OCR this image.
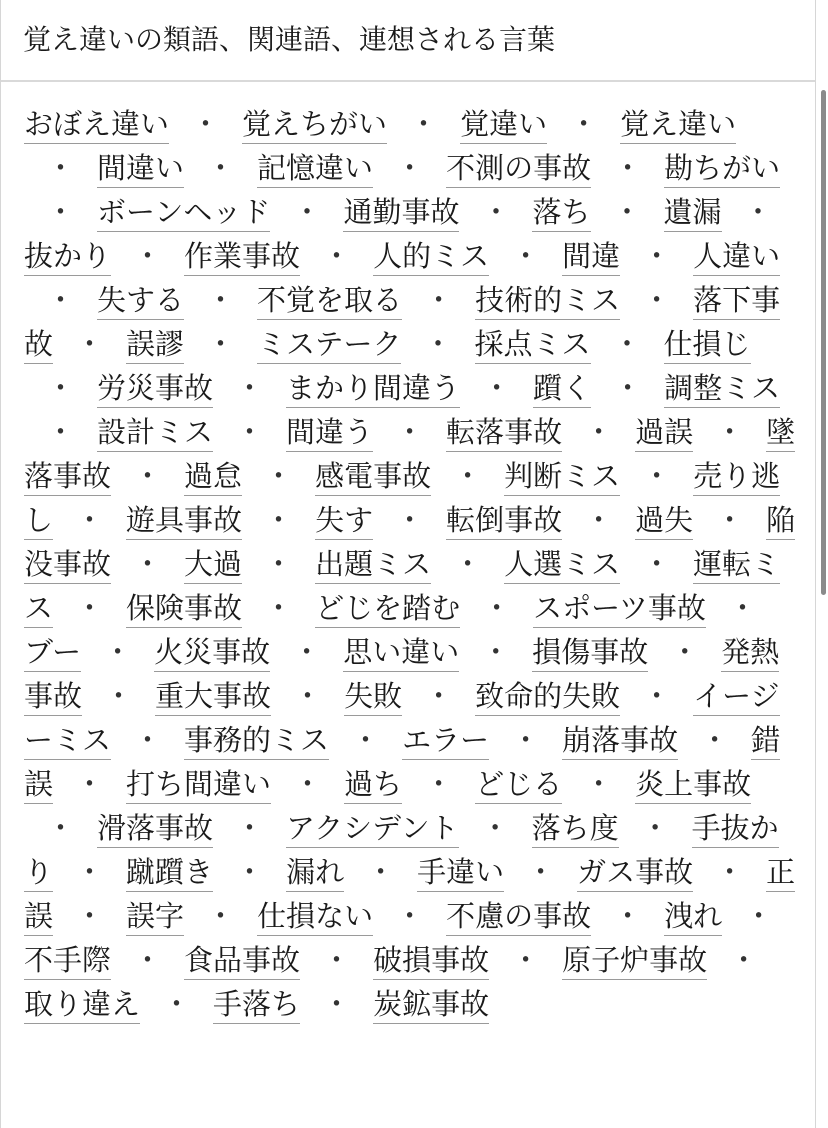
覚え違いの類語、関連語、連想される言葉
おぼえ違い ・ 覚えちがい ・ 覚違い ・ 覚え違い・ 間違い ・ 記憶違い ・ 不測の事故 ・ 勘ちがい・ ボーンヘッド ・ 通勤事故 ・ 落ち ・ 遺漏 ・抜かり ・ 作業事故 ・ 人的ミス ・ 間違 ・ 人違い・ 失する ・ 不覚を取る ・ 技術的ミス ・ 落下事故 ・ 誤謬 ・ ミステーク ・ 採点ミス ・ 仕損じ・ 労災事故 ・ まかり間違う ・ 躓く ・ 調整ミス・ 設計ミス ・ 間違う ・ 転落事故 ・ 過誤 ・ 墜落事故 ・ 過怠 ・ 感電事故 ・ 判断ミス ・ 売り逃し ・ 遊具事故 ・ 失す ・ 転倒事故 ・ 過失 ・ 陥没事故 ・ 大過 ・ 出題ミス ・ 人選ミス ・ 運転ミス ・ 保険事故 ・ どじを踏む ・ スポーツ事故 ・ブー ・ 火災事故 ・ 思い違い ・ 損傷事故 ・ 発熱事故 ・ 重大事故 ・ 失敗 ・ 致命的失敗 ・ イージーミス ・ 事務的ミス ・ エラー ・ 崩落事故 ・ 錯誤 ・ 打ち間違い ・ 過ち ・ どじる ・ 炎上事故・ 滑落事故 ・ アクシデント ・ 落ち度 ・ 手抜かり ・ 蹴躓き ・ 漏れ ・ 手違い ・ ガス事故 ・ 正誤 ・ 誤字 ・ 仕損ない ・ 不慮の事故 ・ 洩れ ・不手際 ・ 食品事故 ・ 破損事故 ・ 原子炉事故 ・取り違え ・ 手落ち ・ 炭鉱事故
